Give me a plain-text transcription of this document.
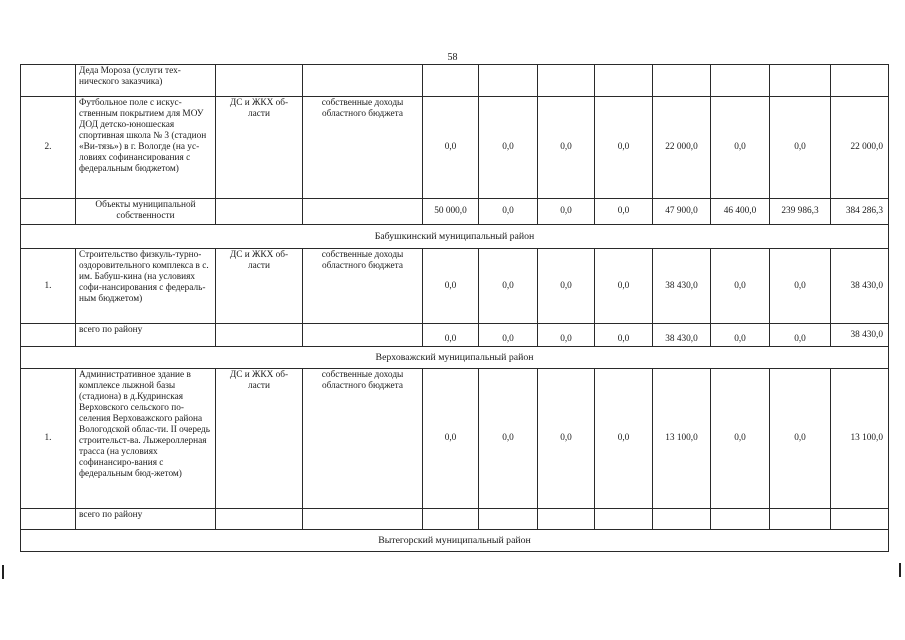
58
	Деда Мороза (услуги тех-нического заказчика)										
2.	Футбольное поле с искус-ственным покрытием для МОУ ДОД детско-юношеская спортивная школа № 3 (стадион «Ви-тязь») в г. Вологде (на ус-ловиях софинансирования с федеральным бюджетом)	ДС и ЖКХ об-ласти	собственные доходы областного бюджета	0,0	0,0	0,0	0,0	22 000,0	0,0	0,0	22 000,0
	Объекты муниципальной собственности			50 000,0	0,0	0,0	0,0	47 900,0	46 400,0	239 986,3	384 286,3
Бабушкинский муниципальный район											
1.	Строительство физкуль-турно-оздоровительного комплекса в с. им. Бабуш-кина (на условиях софи-нансирования с федераль-ным бюджетом)	ДС и ЖКХ об-ласти	собственные доходы областного бюджета	0,0	0,0	0,0	0,0	38 430,0	0,0	0,0	38 430,0
	всего по району			0,0	0,0	0,0	0,0	38 430,0	0,0	0,0	38 430,0
Верховажский муниципальный район											
1.	Административное здание в комплексе лыжной базы (стадиона) в д.Кудринская Верховского сельского по-селения Верховажского района Вологодской облас-ти. II очередь строительст-ва. Лыжероллерная трасса (на условиях софинансиро-вания с федеральным бюд-жетом)	ДС и ЖКХ об-ласти	собственные доходы областного бюджета	0,0	0,0	0,0	0,0	13 100,0	0,0	0,0	13 100,0
	всего по району										
Вытегорский муниципальный район											
